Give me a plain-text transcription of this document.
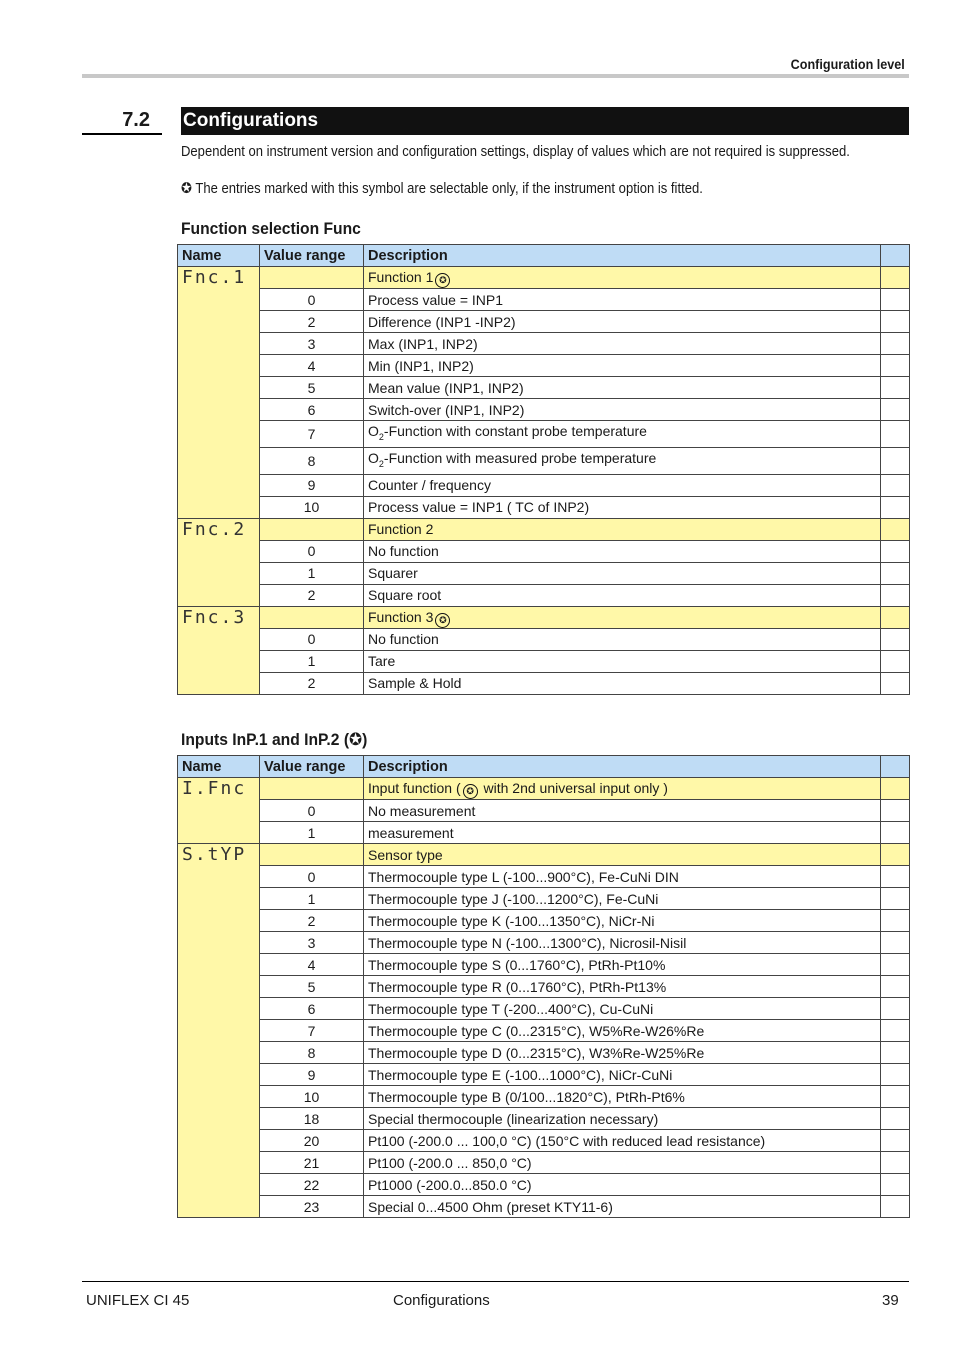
Configuration level
7.2 Configurations
Dependent on instrument version and configuration settings, display of values which are not required is suppressed.
✪ The entries marked with this symbol are selectable only, if the instrument option is fitted.
Function selection Func
Name	Value range	Description	
Fnc.1		Function 1 ✪	
	0	Process value = INP1	
	2	Difference (INP1 -INP2)	
	3	Max (INP1, INP2)	
	4	Min (INP1, INP2)	
	5	Mean value (INP1, INP2)	
	6	Switch-over (INP1, INP2)	
	7	$O_2$-Function with constant probe temperature	
	8	$O_2$-Function with measured probe temperature	
	9	Counter / frequency	
	10	Process value = INP1 ( TC of INP2)	
Fnc.2		Function 2	
	0	No function	
	1	Squarer	
	2	Square root	
Fnc.3		Function 3 ✪	
	0	No function	
	1	Tare	
	2	Sample & Hold	
Inputs InP.1 and InP.2 (✪)
Name	Value range	Description	
I.Fnc		Input function ( ✪ with 2nd universal input only )	
	0	No measurement	
	1	measurement	
S.tYP		Sensor type	
	0	Thermocouple type L (-100...900°C), Fe-CuNi DIN	
	1	Thermocouple type J (-100...1200°C), Fe-CuNi	
	2	Thermocouple type K (-100...1350°C), NiCr-Ni	
	3	Thermocouple type N (-100...1300°C), Nicrosil-Nisil	
	4	Thermocouple type S (0...1760°C), PtRh-Pt10%	
	5	Thermocouple type R (0...1760°C), PtRh-Pt13%	
	6	Thermocouple type T (-200...400°C), Cu-CuNi	
	7	Thermocouple type C (0...2315°C), W5%Re-W26%Re	
	8	Thermocouple type D (0...2315°C), W3%Re-W25%Re	
	9	Thermocouple type E (-100...1000°C), NiCr-CuNi	
	10	Thermocouple type B (0/100...1820°C), PtRh-Pt6%	
	18	Special thermocouple (linearization necessary)	
	20	Pt100 (-200.0 ... 100,0 °C) (150°C with reduced lead resistance)	
	21	Pt100 (-200.0 ... 850,0 °C)	
	22	Pt1000 (-200.0...850.0 °C)	
	23	Special 0...4500 Ohm (preset KTY11-6)	
UNIFLEX CI 45	Configurations	39
